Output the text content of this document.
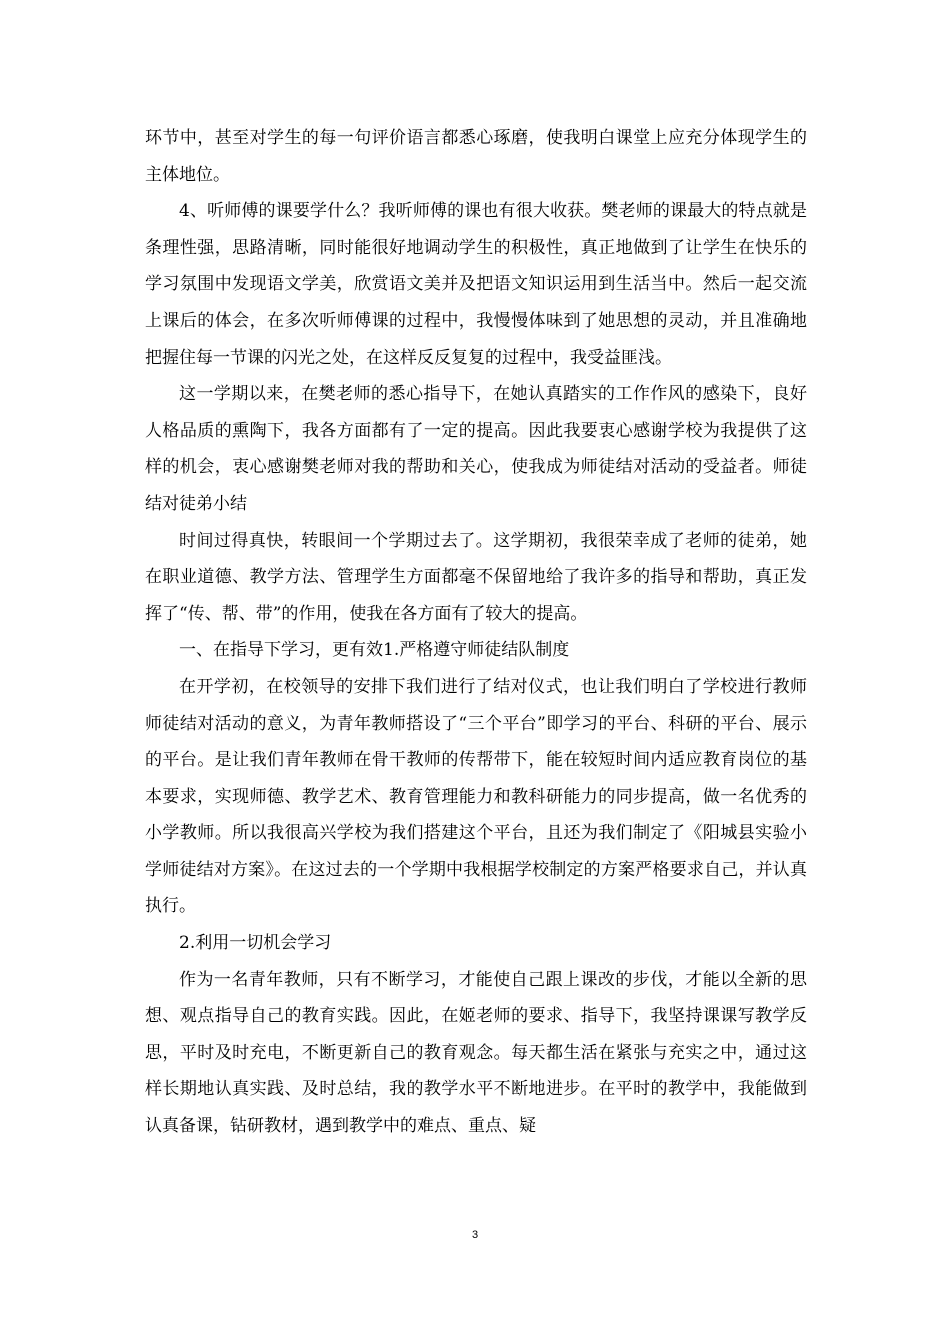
环节中，甚至对学生的每一句评价语言都悉心琢磨，使我明白课堂上应充分体现学生的主体地位。

4、听师傅的课要学什么？我听师傅的课也有很大收获。樊老师的课最大的特点就是条理性强，思路清晰，同时能很好地调动学生的积极性，真正地做到了让学生在快乐的学习氛围中发现语文学美，欣赏语文美并及把语文知识运用到生活当中。然后一起交流上课后的体会，在多次听师傅课的过程中，我慢慢体味到了她思想的灵动，并且准确地把握住每一节课的闪光之处，在这样反反复复的过程中，我受益匪浅。

这一学期以来，在樊老师的悉心指导下，在她认真踏实的工作作风的感染下，良好人格品质的熏陶下，我各方面都有了一定的提高。因此我要衷心感谢学校为我提供了这样的机会，衷心感谢樊老师对我的帮助和关心，使我成为师徒结对活动的受益者。师徒结对徒弟小结

时间过得真快，转眼间一个学期过去了。这学期初，我很荣幸成了老师的徒弟，她在职业道德、教学方法、管理学生方面都毫不保留地给了我许多的指导和帮助，真正发挥了“传、帮、带”的作用，使我在各方面有了较大的提高。

一、在指导下学习，更有效1.严格遵守师徒结队制度

在开学初，在校领导的安排下我们进行了结对仪式，也让我们明白了学校进行教师师徒结对活动的意义，为青年教师搭设了“三个平台”即学习的平台、科研的平台、展示的平台。是让我们青年教师在骨干教师的传帮带下，能在较短时间内适应教育岗位的基本要求，实现师德、教学艺术、教育管理能力和教科研能力的同步提高，做一名优秀的小学教师。所以我很高兴学校为我们搭建这个平台，且还为我们制定了《阳城县实验小学师徒结对方案》。在这过去的一个学期中我根据学校制定的方案严格要求自己，并认真执行。

2.利用一切机会学习

作为一名青年教师，只有不断学习，才能使自己跟上课改的步伐，才能以全新的思想、观点指导自己的教育实践。因此，在姬老师的要求、指导下，我坚持课课写教学反思，平时及时充电，不断更新自己的教育观念。每天都生活在紧张与充实之中，通过这样长期地认真实践、及时总结，我的教学水平不断地进步。在平时的教学中，我能做到认真备课，钻研教材，遇到教学中的难点、重点、疑

3
